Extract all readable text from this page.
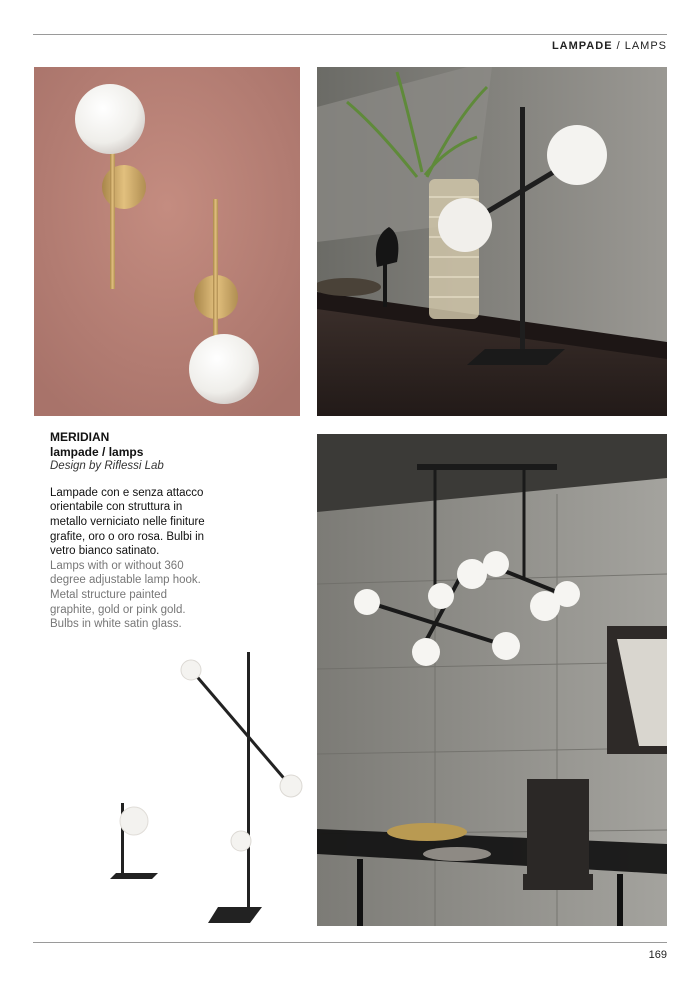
LAMPADE / LAMPS
MERIDIAN
lampade / lamps
Design by Riflessi Lab
Lampade con e senza attacco orientabile con struttura in metallo verniciato nelle finiture grafite, oro o oro rosa. Bulbi in vetro bianco satinato.
Lamps with or without 360 degree adjustable lamp hook. Metal structure painted graphite, gold or pink gold. Bulbs in white satin glass.
169
